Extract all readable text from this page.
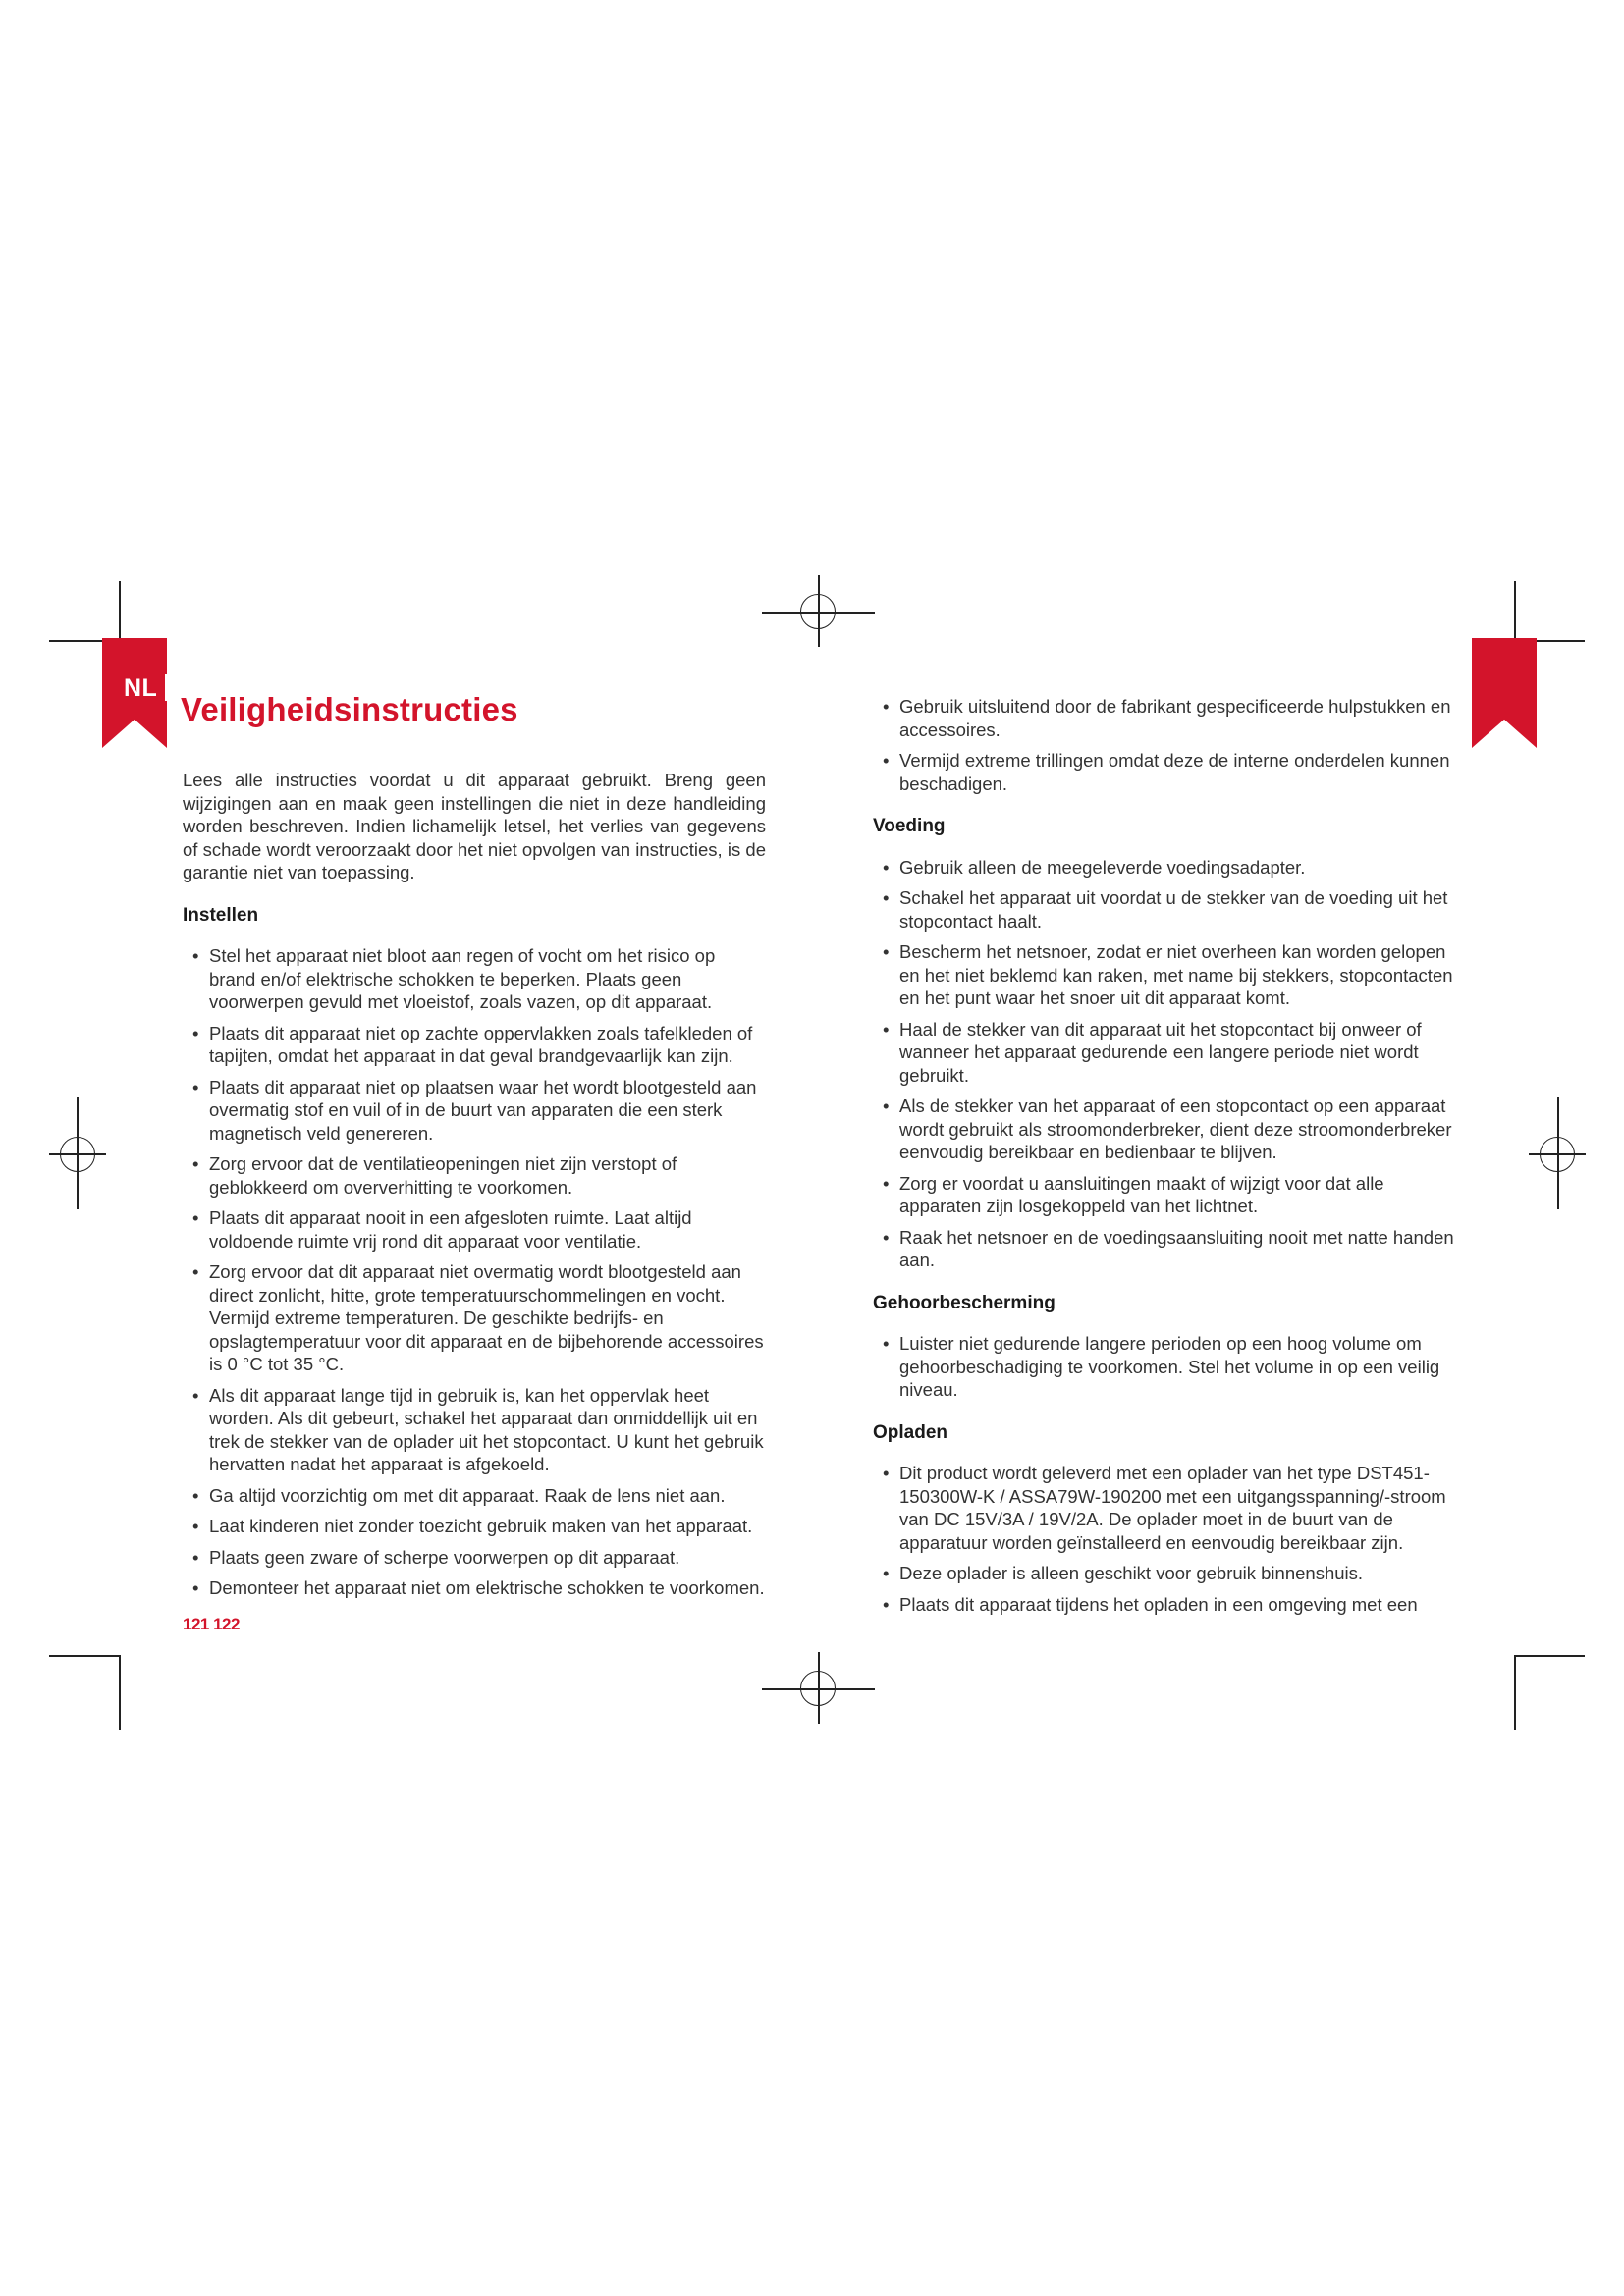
NL
Veiligheidsinstructies

Lees alle instructies voordat u dit apparaat gebruikt. Breng geen wijzigingen aan en maak geen instellingen die niet in deze handleiding worden beschreven. Indien lichamelijk letsel, het verlies van gegevens of schade wordt veroorzaakt door het niet opvolgen van instructies, is de garantie niet van toepassing.

Instellen
• Stel het apparaat niet bloot aan regen of vocht om het risico op brand en/of elektrische schokken te beperken. Plaats geen voorwerpen gevuld met vloeistof, zoals vazen, op dit apparaat.
• Plaats dit apparaat niet op zachte oppervlakken zoals tafelkleden of tapijten, omdat het apparaat in dat geval brandgevaarlijk kan zijn.
• Plaats dit apparaat niet op plaatsen waar het wordt blootgesteld aan overmatig stof en vuil of in de buurt van apparaten die een sterk magnetisch veld genereren.
• Zorg ervoor dat de ventilatieopeningen niet zijn verstopt of geblokkeerd om oververhitting te voorkomen.
• Plaats dit apparaat nooit in een afgesloten ruimte. Laat altijd voldoende ruimte vrij rond dit apparaat voor ventilatie.
• Zorg ervoor dat dit apparaat niet overmatig wordt blootgesteld aan direct zonlicht, hitte, grote temperatuurschommelingen en vocht. Vermijd extreme temperaturen. De geschikte bedrijfs- en opslagtemperatuur voor dit apparaat en de bijbehorende accessoires is 0 °C tot 35 °C.
• Als dit apparaat lange tijd in gebruik is, kan het oppervlak heet worden. Als dit gebeurt, schakel het apparaat dan onmiddellijk uit en trek de stekker van de oplader uit het stopcontact. U kunt het gebruik hervatten nadat het apparaat is afgekoeld.
• Ga altijd voorzichtig om met dit apparaat. Raak de lens niet aan.
• Laat kinderen niet zonder toezicht gebruik maken van het apparaat.
• Plaats geen zware of scherpe voorwerpen op dit apparaat.
• Demonteer het apparaat niet om elektrische schokken te voorkomen.
• Gebruik uitsluitend door de fabrikant gespecificeerde hulpstukken en accessoires.
• Vermijd extreme trillingen omdat deze de interne onderdelen kunnen beschadigen.
Voeding
• Gebruik alleen de meegeleverde voedingsadapter.
• Schakel het apparaat uit voordat u de stekker van de voeding uit het stopcontact haalt.
• Bescherm het netsnoer, zodat er niet overheen kan worden gelopen en het niet beklemd kan raken, met name bij stekkers, stopcontacten en het punt waar het snoer uit dit apparaat komt.
• Haal de stekker van dit apparaat uit het stopcontact bij onweer of wanneer het apparaat gedurende een langere periode niet wordt gebruikt.
• Als de stekker van het apparaat of een stopcontact op een apparaat wordt gebruikt als stroomonderbreker, dient deze stroomonderbreker eenvoudig bereikbaar en bedienbaar te blijven.
• Zorg er voordat u aansluitingen maakt of wijzigt voor dat alle apparaten zijn losgekoppeld van het lichtnet.
• Raak het netsnoer en de voedingsaansluiting nooit met natte handen aan.
Gehoorbescherming
• Luister niet gedurende langere perioden op een hoog volume om gehoorbeschadiging te voorkomen. Stel het volume in op een veilig niveau.
Opladen
• Dit product wordt geleverd met een oplader van het type DST451-150300W-K / ASSA79W-190200 met een uitgangsspanning/-stroom van DC 15V/3A / 19V/2A. De oplader moet in de buurt van de apparatuur worden geïnstalleerd en eenvoudig bereikbaar zijn.
• Deze oplader is alleen geschikt voor gebruik binnenshuis.
• Plaats dit apparaat tijdens het opladen in een omgeving met een
121 122
